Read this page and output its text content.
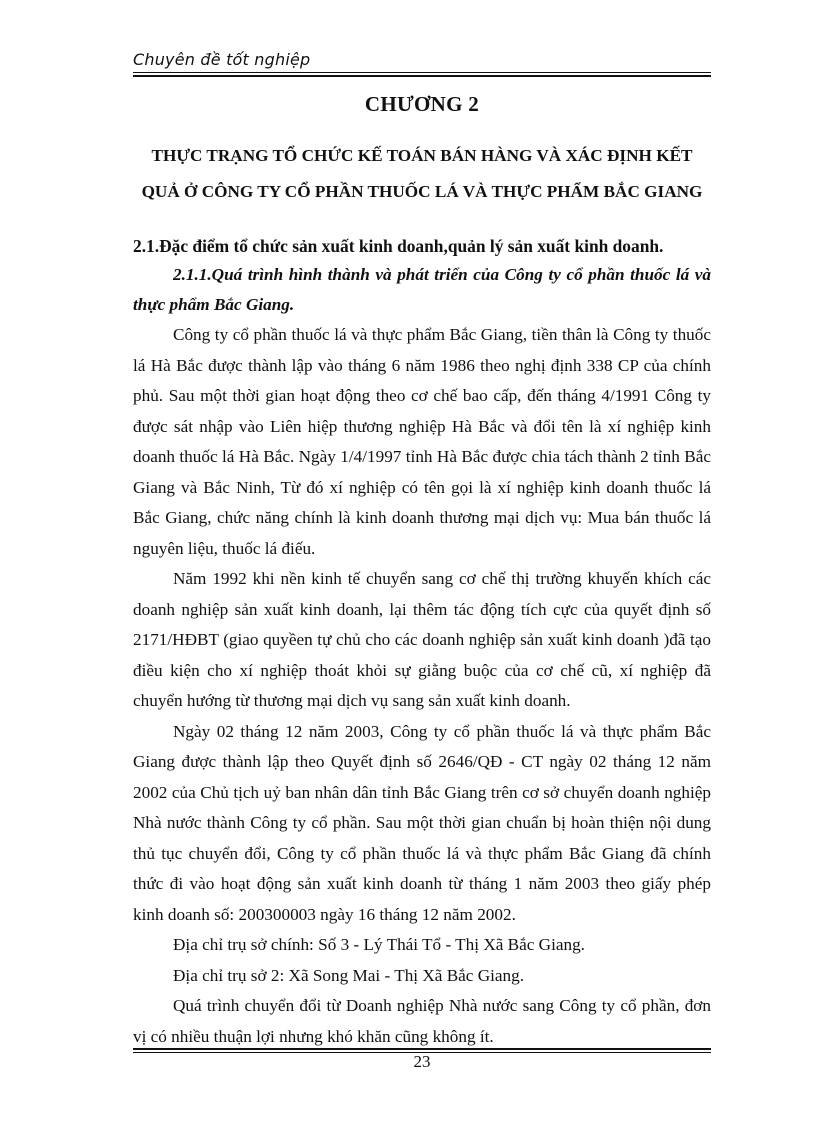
Chuyên đề tốt nghiệp
CHƯƠNG 2
THỰC TRẠNG TỔ CHỨC KẾ TOÁN BÁN HÀNG VÀ XÁC ĐỊNH KẾT
QUẢ Ở CÔNG TY CỔ PHẦN THUỐC LÁ VÀ THỰC PHẨM BẮC GIANG

2.1.Đặc điểm tổ chức sản xuất kinh doanh,quản lý sản xuất kinh doanh.

2.1.1.Quá trình hình thành và phát triển của Công ty cổ phần thuốc lá và thực phẩm Bắc Giang.

Công ty cổ phần thuốc lá và thực phẩm Bắc Giang, tiền thân là Công ty thuốc lá Hà Bắc được thành lập vào tháng 6 năm 1986 theo nghị định 338 CP của chính phủ. Sau một thời gian hoạt động theo cơ chế bao cấp, đến tháng 4/1991 Công ty được sát nhập vào Liên hiệp thương nghiệp Hà Bắc và đổi tên là xí nghiệp kinh doanh thuốc lá Hà Bắc. Ngày 1/4/1997 tỉnh Hà Bắc được chia tách thành 2 tỉnh Bắc Giang và Bắc Ninh, Từ đó xí nghiệp có tên gọi là xí nghiệp kinh doanh thuốc lá Bắc Giang, chức năng chính là kinh doanh thương mại dịch vụ: Mua bán thuốc lá nguyên liệu, thuốc lá điếu.

Năm 1992 khi nền kinh tế chuyển sang cơ chế thị trường khuyến khích các doanh nghiệp sản xuất kinh doanh, lại thêm tác động tích cực của quyết định số 2171/HĐBT (giao quyềen tự chủ cho các doanh nghiệp sản xuất kinh doanh )đã tạo điều kiện cho xí nghiệp thoát khỏi sự giằng buộc của cơ chế cũ, xí nghiệp đã chuyển hướng từ thương mại dịch vụ sang sản xuất kinh doanh.

Ngày 02 tháng 12 năm 2003, Công ty cổ phần thuốc lá và thực phẩm Bắc Giang được thành lập theo Quyết định số 2646/QĐ - CT ngày 02 tháng 12 năm 2002 của Chủ tịch uỷ ban nhân dân tỉnh Bắc Giang trên cơ sở chuyển doanh nghiệp Nhà nước thành Công ty cổ phần. Sau một thời gian chuẩn bị hoàn thiện nội dung thủ tục chuyển đổi, Công ty cổ phần thuốc lá và thực phẩm Bắc Giang đã chính thức đi vào hoạt động sản xuất kinh doanh từ tháng 1 năm 2003 theo giấy phép kinh doanh số: 200300003 ngày 16 tháng 12 năm 2002.

Địa chỉ trụ sở chính: Số 3 - Lý Thái Tổ - Thị Xã Bắc Giang.

Địa chỉ trụ sở 2: Xã Song Mai - Thị Xã Bắc Giang.

Quá trình chuyển đổi từ Doanh nghiệp Nhà nước sang Công ty cổ phần, đơn vị có nhiều thuận lợi nhưng khó khăn cũng không ít.

23
